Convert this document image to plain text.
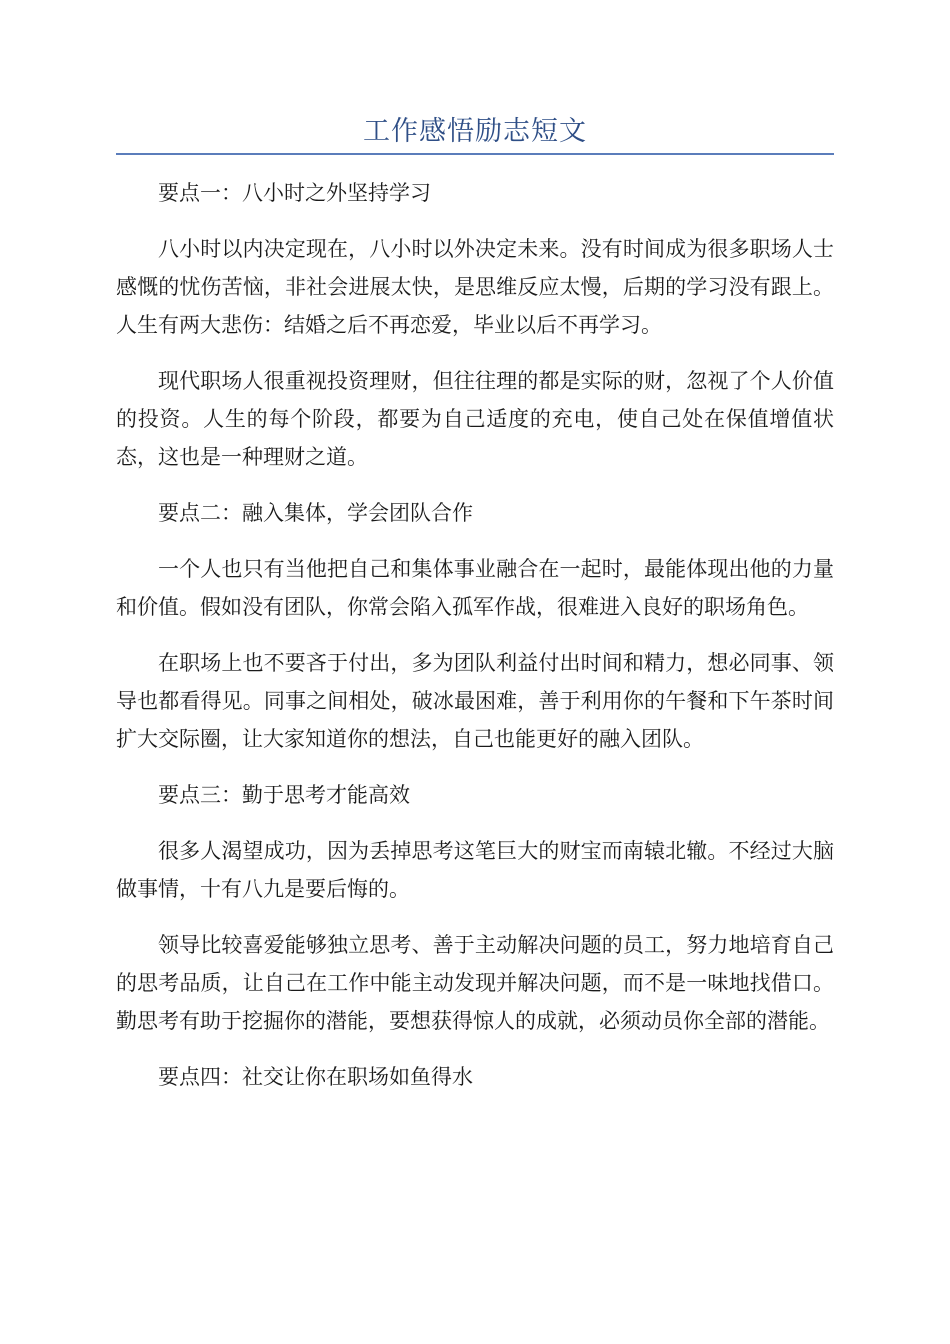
工作感悟励志短文

要点一：八小时之外坚持学习

八小时以内决定现在，八小时以外决定未来。没有时间成为很多职场人士感慨的忧伤苦恼，非社会进展太快，是思维反应太慢，后期的学习没有跟上。人生有两大悲伤：结婚之后不再恋爱，毕业以后不再学习。

现代职场人很重视投资理财，但往往理的都是实际的财，忽视了个人价值的投资。人生的每个阶段，都要为自己适度的充电，使自己处在保值增值状态，这也是一种理财之道。

要点二：融入集体，学会团队合作

一个人也只有当他把自己和集体事业融合在一起时，最能体现出他的力量和价值。假如没有团队，你常会陷入孤军作战，很难进入良好的职场角色。

在职场上也不要吝于付出，多为团队利益付出时间和精力，想必同事、领导也都看得见。同事之间相处，破冰最困难，善于利用你的午餐和下午茶时间扩大交际圈，让大家知道你的想法，自己也能更好的融入团队。

要点三：勤于思考才能高效

很多人渴望成功，因为丢掉思考这笔巨大的财宝而南辕北辙。不经过大脑做事情，十有八九是要后悔的。

领导比较喜爱能够独立思考、善于主动解决问题的员工，努力地培育自己的思考品质，让自己在工作中能主动发现并解决问题，而不是一味地找借口。勤思考有助于挖掘你的潜能，要想获得惊人的成就，必须动员你全部的潜能。

要点四：社交让你在职场如鱼得水
